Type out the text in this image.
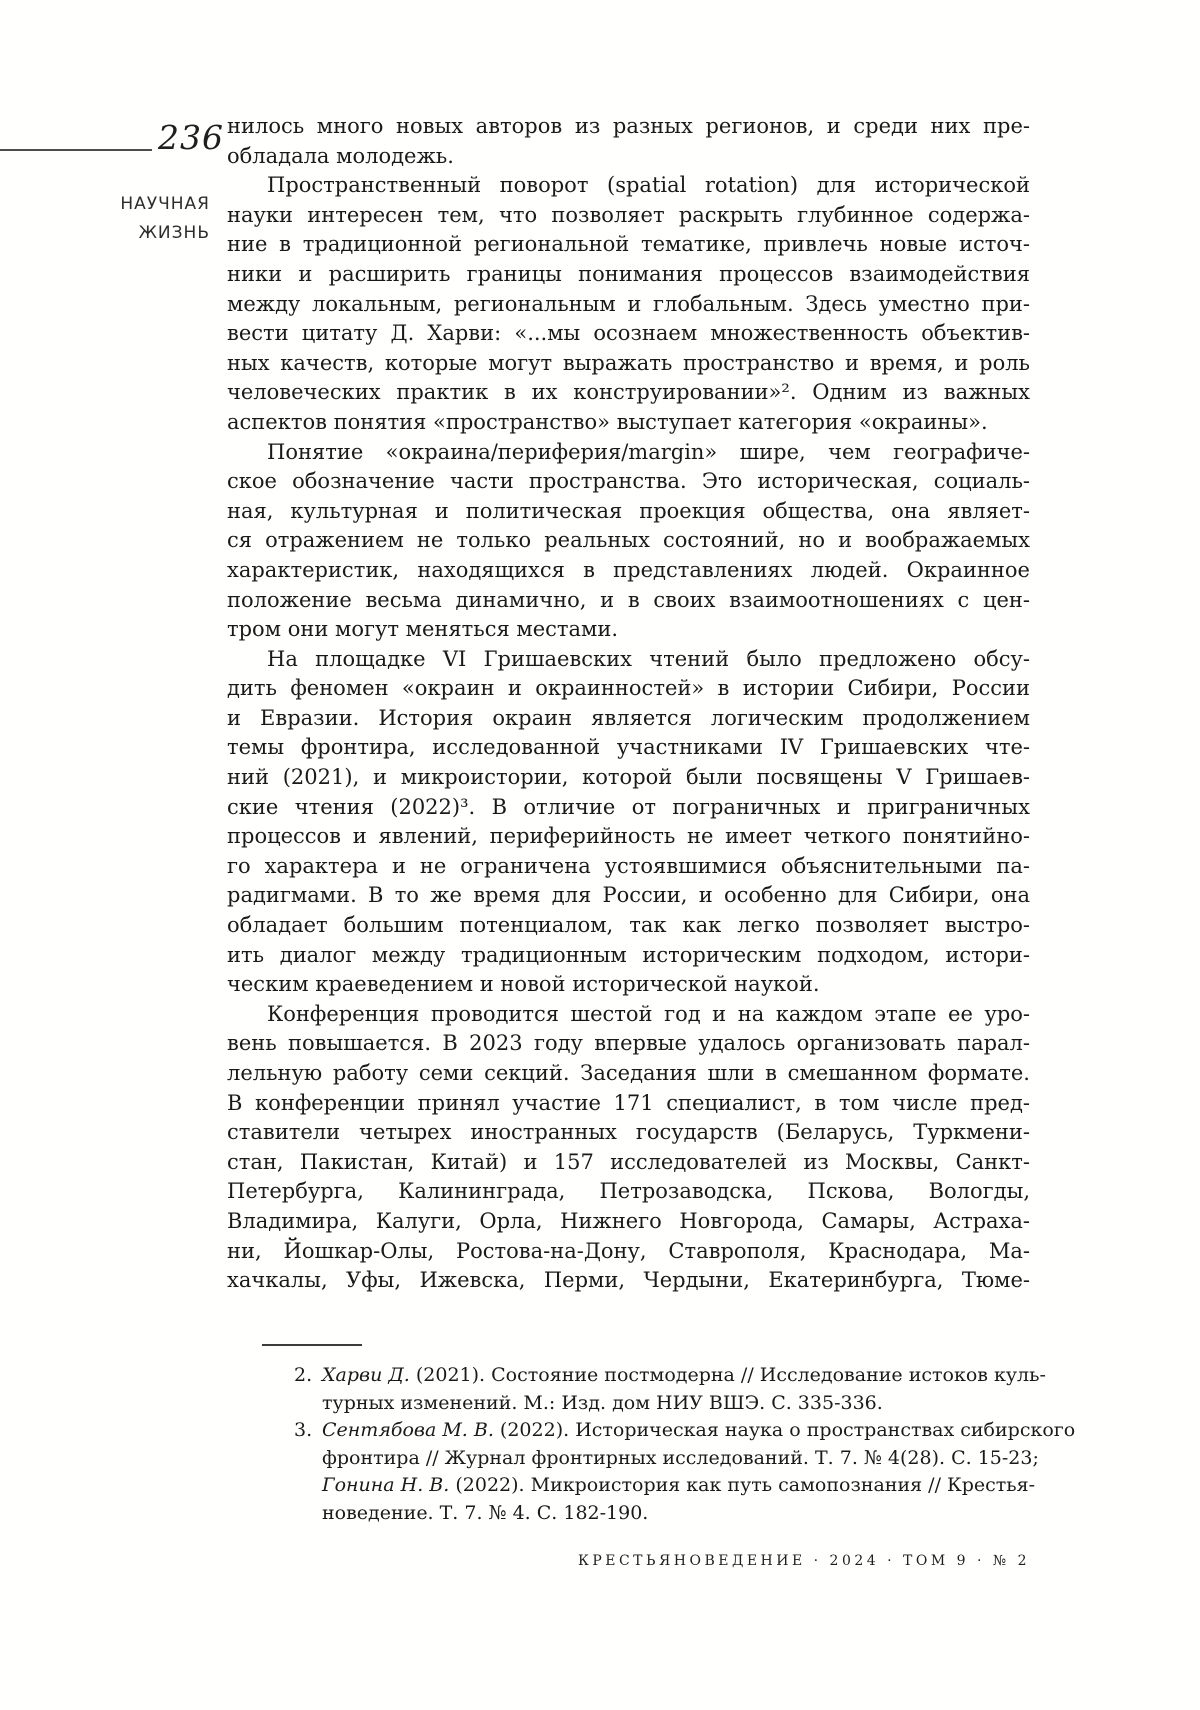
236
НАУЧНАЯ
ЖИЗНЬ
нилось много новых авторов из разных регионов, и среди них пре-
обладала молодежь.
Пространственный поворот (spatial rotation) для исторической
науки интересен тем, что позволяет раскрыть глубинное содержа-
ние в традиционной региональной тематике, привлечь новые источ-
ники и расширить границы понимания процессов взаимодействия
между локальным, региональным и глобальным. Здесь уместно при-
вести цитату Д. Харви: «...мы осознаем множественность объектив-
ных качеств, которые могут выражать пространство и время, и роль
человеческих практик в их конструировании»². Одним из важных
аспектов понятия «пространство» выступает категория «окраины».
Понятие «окраина/периферия/margin» шире, чем географиче-
ское обозначение части пространства. Это историческая, социаль-
ная, культурная и политическая проекция общества, она являет-
ся отражением не только реальных состояний, но и воображаемых
характеристик, находящихся в представлениях людей. Окраинное
положение весьма динамично, и в своих взаимоотношениях с цен-
тром они могут меняться местами.
На площадке VI Гришаевских чтений было предложено обсу-
дить феномен «окраин и окраинностей» в истории Сибири, России
и Евразии. История окраин является логическим продолжением
темы фронтира, исследованной участниками IV Гришаевских чте-
ний (2021), и микроистории, которой были посвящены V Гришаев-
ские чтения (2022)³. В отличие от пограничных и приграничных
процессов и явлений, периферийность не имеет четкого понятийно-
го характера и не ограничена устоявшимися объяснительными па-
радигмами. В то же время для России, и особенно для Сибири, она
обладает большим потенциалом, так как легко позволяет выстро-
ить диалог между традиционным историческим подходом, истори-
ческим краеведением и новой исторической наукой.
Конференция проводится шестой год и на каждом этапе ее уро-
вень повышается. В 2023 году впервые удалось организовать парал-
лельную работу семи секций. Заседания шли в смешанном формате.
В конференции принял участие 171 специалист, в том числе пред-
ставители четырех иностранных государств (Беларусь, Туркмени-
стан, Пакистан, Китай) и 157 исследователей из Москвы, Санкт-
Петербурга, Калининграда, Петрозаводска, Пскова, Вологды,
Владимира, Калуги, Орла, Нижнего Новгорода, Самары, Астраха-
ни, Йошкар-Олы, Ростова-на-Дону, Ставрополя, Краснодара, Ма-
хачкалы, Уфы, Ижевска, Перми, Чердыни, Екатеринбурга, Тюме-
2. Харви Д. (2021). Состояние постмодерна // Исследование истоков куль-
турных изменений. М.: Изд. дом НИУ ВШЭ. С. 335-336.
3. Сентябова М. В. (2022). Историческая наука о пространствах сибирского
фронтира // Журнал фронтирных исследований. Т. 7. № 4(28). С. 15-23;
Гонина Н. В. (2022). Микроистория как путь самопознания // Крестья-
новедение. Т. 7. № 4. С. 182-190.
КРЕСТЬЯНОВЕДЕНИЕ · 2024 · ТОМ 9 · № 2
